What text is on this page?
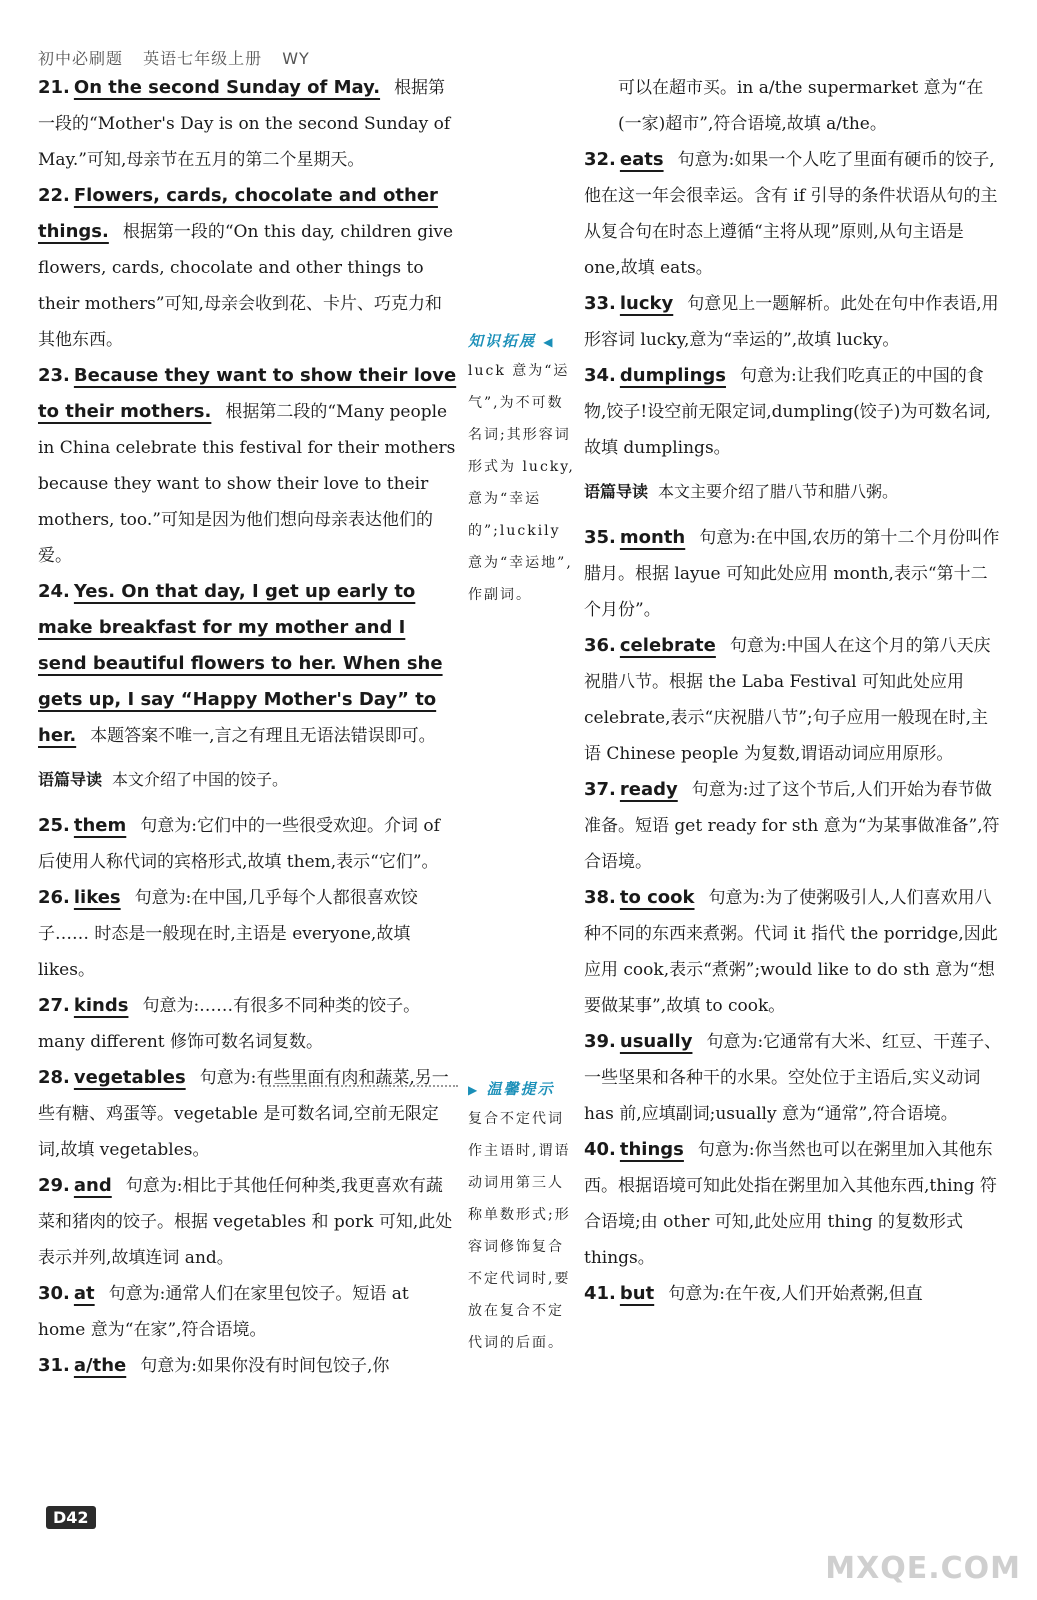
初中必刷题 英语七年级上册 WY

21. On the second Sunday of May. 根据第一段的“Mother's Day is on the second Sunday of May.”可知,母亲节在五月的第二个星期天。

22. Flowers, cards, chocolate and other things. 根据第一段的“On this day, children give flowers, cards, chocolate and other things to their mothers”可知,母亲会收到花、卡片、巧克力和其他东西。

23. Because they want to show their love to their mothers. 根据第二段的“Many people in China celebrate this festival for their mothers because they want to show their love to their mothers, too.”可知是因为他们想向母亲表达他们的爱。

24. Yes. On that day, I get up early to make breakfast for my mother and I send beautiful flowers to her. When she gets up, I say “Happy Mother's Day” to her. 本题答案不唯一,言之有理且无语法错误即可。

语篇导读 本文介绍了中国的饺子。

25. them 句意为:它们中的一些很受欢迎。介词 of 后使用人称代词的宾格形式,故填 them,表示“它们”。

26. likes 句意为:在中国,几乎每个人都很喜欢饺子…… 时态是一般现在时,主语是 everyone,故填 likes。

27. kinds 句意为:……有很多不同种类的饺子。many different 修饰可数名词复数。

28. vegetables 句意为:有些里面有肉和蔬菜,另一些有糖、鸡蛋等。vegetable 是可数名词,空前无限定词,故填 vegetables。

29. and 句意为:相比于其他任何种类,我更喜欢有蔬菜和猪肉的饺子。根据 vegetables 和 pork 可知,此处表示并列,故填连词 and。

30. at 句意为:通常人们在家里包饺子。短语 at home 意为“在家”,符合语境。

31. a/the 句意为:如果你没有时间包饺子,你

知识拓展 ◀

luck 意为“运气”,为不可数名词;其形容词形式为 lucky,意为“幸运的”;luckily 意为“幸运地”,作副词。

▶ 温馨提示

复合不定代词作主语时,谓语动词用第三人称单数形式;形容词修饰复合不定代词时,要放在复合不定代词的后面。

可以在超市买。in a/the supermarket 意为“在(一家)超市”,符合语境,故填 a/the。

32. eats 句意为:如果一个人吃了里面有硬币的饺子,他在这一年会很幸运。含有 if 引导的条件状语从句的主从复合句在时态上遵循“主将从现”原则,从句主语是 one,故填 eats。

33. lucky 句意见上一题解析。此处在句中作表语,用形容词 lucky,意为“幸运的”,故填 lucky。

34. dumplings 句意为:让我们吃真正的中国的食物,饺子!设空前无限定词,dumpling(饺子)为可数名词,故填 dumplings。

语篇导读 本文主要介绍了腊八节和腊八粥。

35. month 句意为:在中国,农历的第十二个月份叫作腊月。根据 layue 可知此处应用 month,表示“第十二个月份”。

36. celebrate 句意为:中国人在这个月的第八天庆祝腊八节。根据 the Laba Festival 可知此处应用 celebrate,表示“庆祝腊八节”;句子应用一般现在时,主语 Chinese people 为复数,谓语动词应用原形。

37. ready 句意为:过了这个节后,人们开始为春节做准备。短语 get ready for sth 意为“为某事做准备”,符合语境。

38. to cook 句意为:为了使粥吸引人,人们喜欢用八种不同的东西来煮粥。代词 it 指代 the porridge,因此应用 cook,表示“煮粥”;would like to do sth 意为“想要做某事”,故填 to cook。

39. usually 句意为:它通常有大米、红豆、干莲子、一些坚果和各种干的水果。空处位于主语后,实义动词 has 前,应填副词;usually 意为“通常”,符合语境。

40. things 句意为:你当然也可以在粥里加入其他东西。根据语境可知此处指在粥里加入其他东西,thing 符合语境;由 other 可知,此处应用 thing 的复数形式 things。

41. but 句意为:在午夜,人们开始煮粥,但直

D42
MXQE.COM
